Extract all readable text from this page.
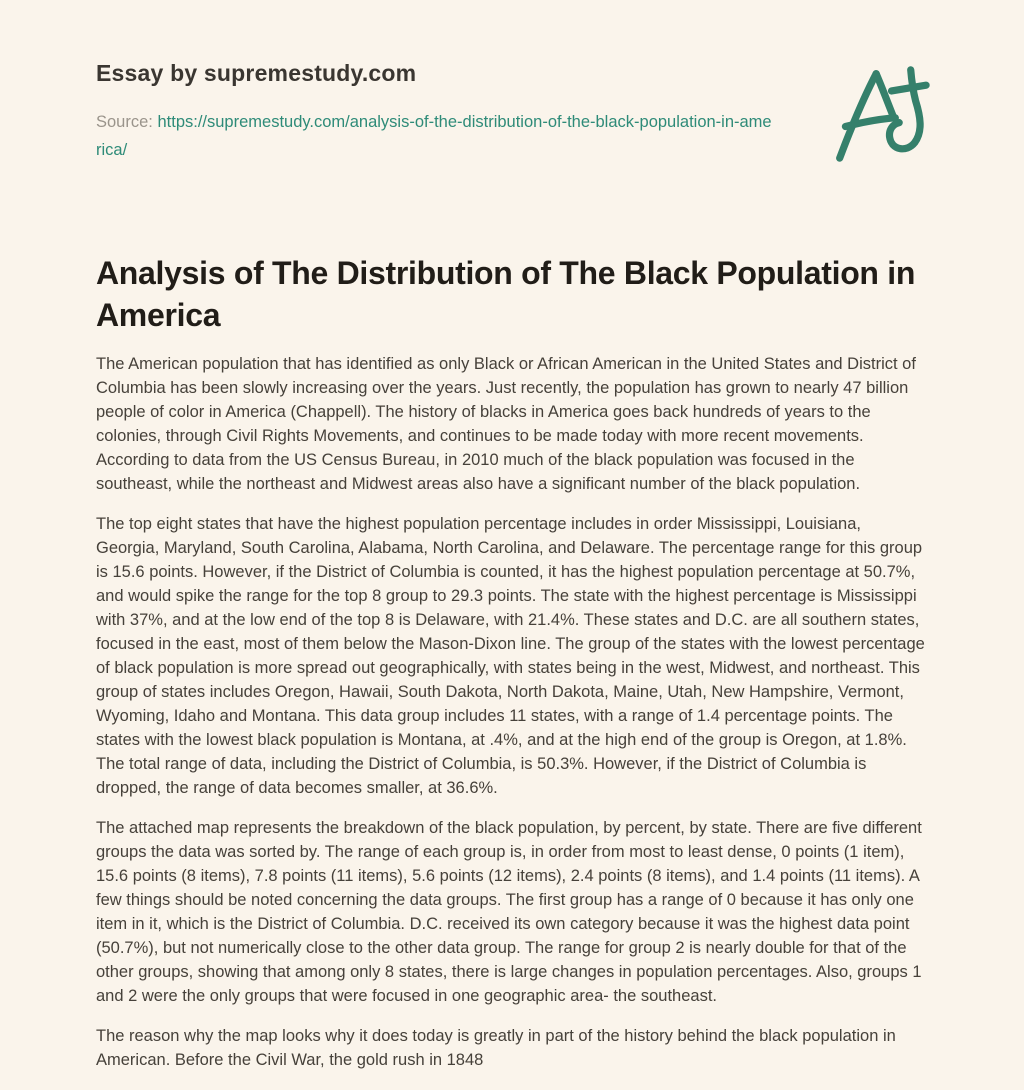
Essay by supremestudy.com

Source: https://supremestudy.com/analysis-of-the-distribution-of-the-black-population-in-america/

Analysis of The Distribution of The Black Population in America

The American population that has identified as only Black or African American in the United States and District of Columbia has been slowly increasing over the years. Just recently, the population has grown to nearly 47 billion people of color in America (Chappell). The history of blacks in America goes back hundreds of years to the colonies, through Civil Rights Movements, and continues to be made today with more recent movements. According to data from the US Census Bureau, in 2010 much of the black population was focused in the southeast, while the northeast and Midwest areas also have a significant number of the black population.

The top eight states that have the highest population percentage includes in order Mississippi, Louisiana, Georgia, Maryland, South Carolina, Alabama, North Carolina, and Delaware. The percentage range for this group is 15.6 points. However, if the District of Columbia is counted, it has the highest population percentage at 50.7%, and would spike the range for the top 8 group to 29.3 points. The state with the highest percentage is Mississippi with 37%, and at the low end of the top 8 is Delaware, with 21.4%. These states and D.C. are all southern states, focused in the east, most of them below the Mason-Dixon line. The group of the states with the lowest percentage of black population is more spread out geographically, with states being in the west, Midwest, and northeast. This group of states includes Oregon, Hawaii, South Dakota, North Dakota, Maine, Utah, New Hampshire, Vermont, Wyoming, Idaho and Montana. This data group includes 11 states, with a range of 1.4 percentage points. The states with the lowest black population is Montana, at .4%, and at the high end of the group is Oregon, at 1.8%. The total range of data, including the District of Columbia, is 50.3%. However, if the District of Columbia is dropped, the range of data becomes smaller, at 36.6%.

The attached map represents the breakdown of the black population, by percent, by state. There are five different groups the data was sorted by. The range of each group is, in order from most to least dense, 0 points (1 item), 15.6 points (8 items), 7.8 points (11 items), 5.6 points (12 items), 2.4 points (8 items), and 1.4 points (11 items). A few things should be noted concerning the data groups. The first group has a range of 0 because it has only one item in it, which is the District of Columbia. D.C. received its own category because it was the highest data point (50.7%), but not numerically close to the other data group. The range for group 2 is nearly double for that of the other groups, showing that among only 8 states, there is large changes in population percentages. Also, groups 1 and 2 were the only groups that were focused in one geographic area- the southeast.

The reason why the map looks why it does today is greatly in part of the history behind the black population in American. Before the Civil War, the gold rush in 1848
